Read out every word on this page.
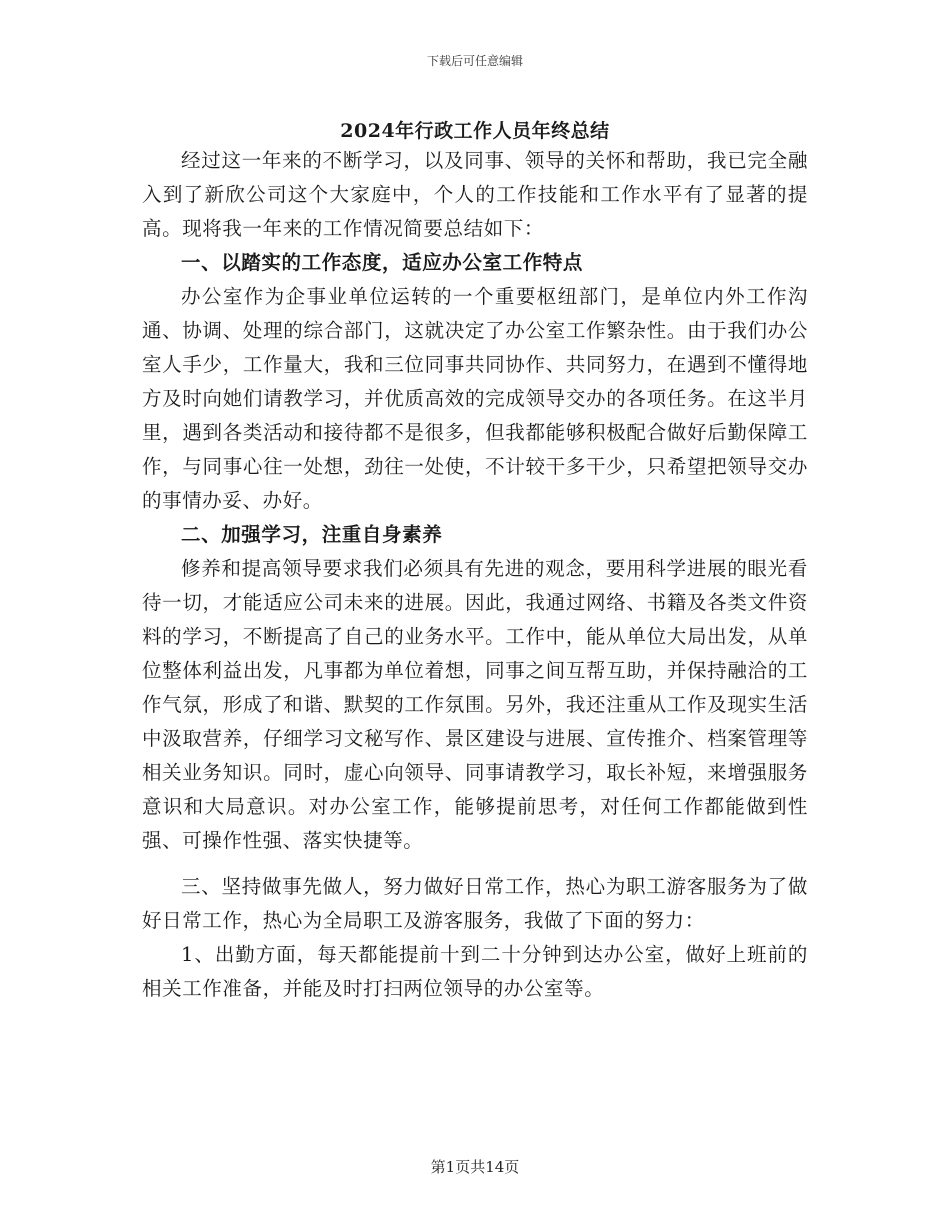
下载后可任意编辑
2024年行政工作人员年终总结

经过这一年来的不断学习，以及同事、领导的关怀和帮助，我已完全融入到了新欣公司这个大家庭中，个人的工作技能和工作水平有了显著的提高。现将我一年来的工作情况简要总结如下：

一、以踏实的工作态度，适应办公室工作特点

办公室作为企事业单位运转的一个重要枢纽部门，是单位内外工作沟通、协调、处理的综合部门，这就决定了办公室工作繁杂性。由于我们办公室人手少，工作量大，我和三位同事共同协作、共同努力，在遇到不懂得地方及时向她们请教学习，并优质高效的完成领导交办的各项任务。在这半月里，遇到各类活动和接待都不是很多，但我都能够积极配合做好后勤保障工作，与同事心往一处想，劲往一处使，不计较干多干少，只希望把领导交办的事情办妥、办好。

二、加强学习，注重自身素养

修养和提高领导要求我们必须具有先进的观念，要用科学进展的眼光看待一切，才能适应公司未来的进展。因此，我通过网络、书籍及各类文件资料的学习，不断提高了自己的业务水平。工作中，能从单位大局出发，从单位整体利益出发，凡事都为单位着想，同事之间互帮互助，并保持融洽的工作气氛，形成了和谐、默契的工作氛围。另外，我还注重从工作及现实生活中汲取营养，仔细学习文秘写作、景区建设与进展、宣传推介、档案管理等相关业务知识。同时，虚心向领导、同事请教学习，取长补短，来增强服务意识和大局意识。对办公室工作，能够提前思考，对任何工作都能做到性强、可操作性强、落实快捷等。

三、坚持做事先做人，努力做好日常工作，热心为职工游客服务为了做好日常工作，热心为全局职工及游客服务，我做了下面的努力：

1、出勤方面，每天都能提前十到二十分钟到达办公室，做好上班前的相关工作准备，并能及时打扫两位领导的办公室等。

第1页共14页
